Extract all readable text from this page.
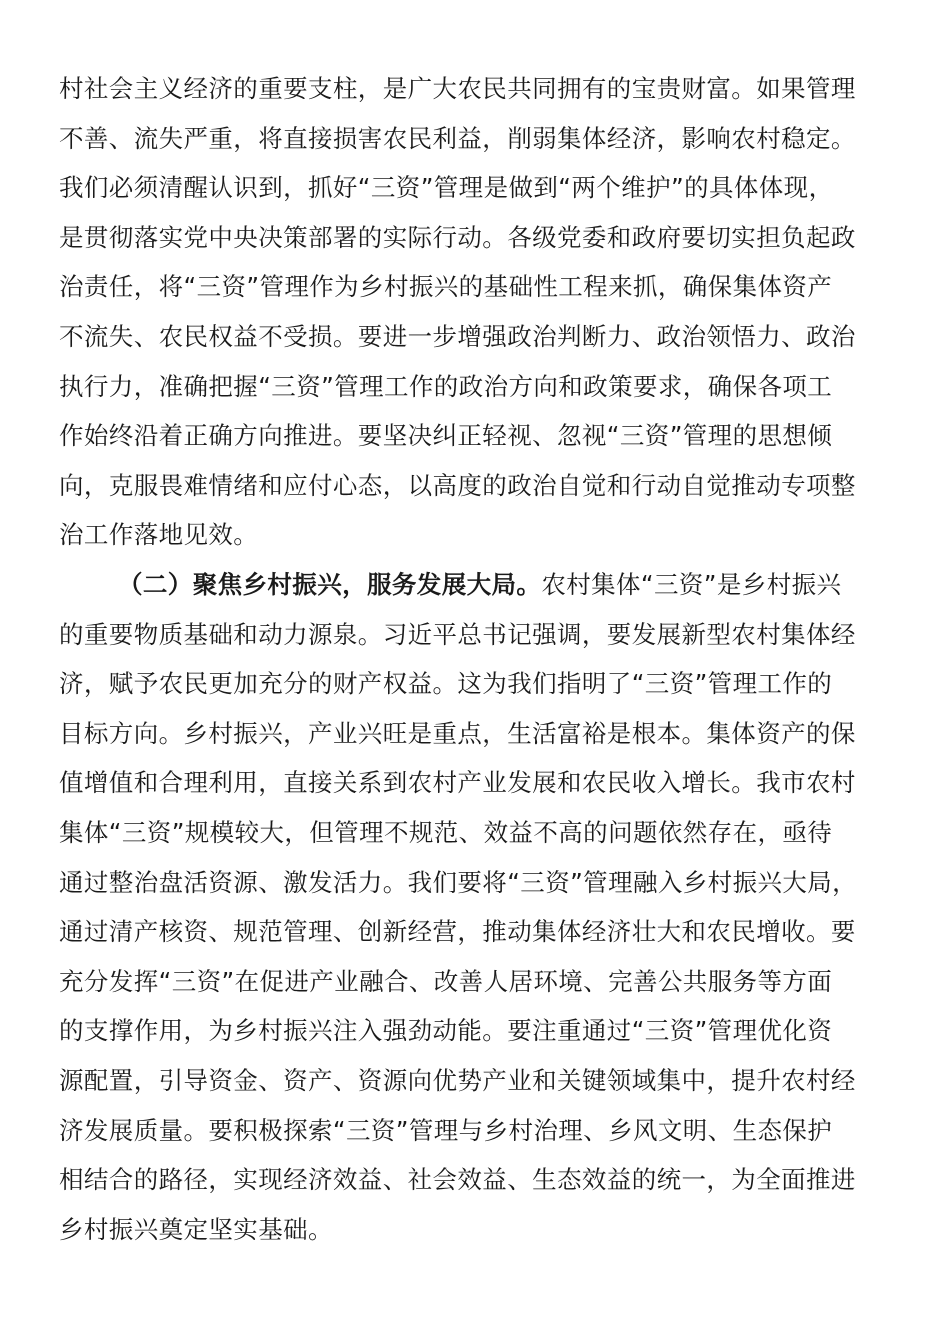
村社会主义经济的重要支柱，是广大农民共同拥有的宝贵财富。如果管理
不善、流失严重，将直接损害农民利益，削弱集体经济，影响农村稳定。
我们必须清醒认识到，抓好“三资”管理是做到“两个维护”的具体体现，
是贯彻落实党中央决策部署的实际行动。各级党委和政府要切实担负起政
治责任，将“三资”管理作为乡村振兴的基础性工程来抓，确保集体资产
不流失、农民权益不受损。要进一步增强政治判断力、政治领悟力、政治
执行力，准确把握“三资”管理工作的政治方向和政策要求，确保各项工
作始终沿着正确方向推进。要坚决纠正轻视、忽视“三资”管理的思想倾
向，克服畏难情绪和应付心态，以高度的政治自觉和行动自觉推动专项整
治工作落地见效。
（二）聚焦乡村振兴，服务发展大局。农村集体“三资”是乡村振兴
的重要物质基础和动力源泉。习近平总书记强调，要发展新型农村集体经
济，赋予农民更加充分的财产权益。这为我们指明了“三资”管理工作的
目标方向。乡村振兴，产业兴旺是重点，生活富裕是根本。集体资产的保
值增值和合理利用，直接关系到农村产业发展和农民收入增长。我市农村
集体“三资”规模较大，但管理不规范、效益不高的问题依然存在，亟待
通过整治盘活资源、激发活力。我们要将“三资”管理融入乡村振兴大局，
通过清产核资、规范管理、创新经营，推动集体经济壮大和农民增收。要
充分发挥“三资”在促进产业融合、改善人居环境、完善公共服务等方面
的支撑作用，为乡村振兴注入强劲动能。要注重通过“三资”管理优化资
源配置，引导资金、资产、资源向优势产业和关键领域集中，提升农村经
济发展质量。要积极探索“三资”管理与乡村治理、乡风文明、生态保护
相结合的路径，实现经济效益、社会效益、生态效益的统一，为全面推进
乡村振兴奠定坚实基础。
